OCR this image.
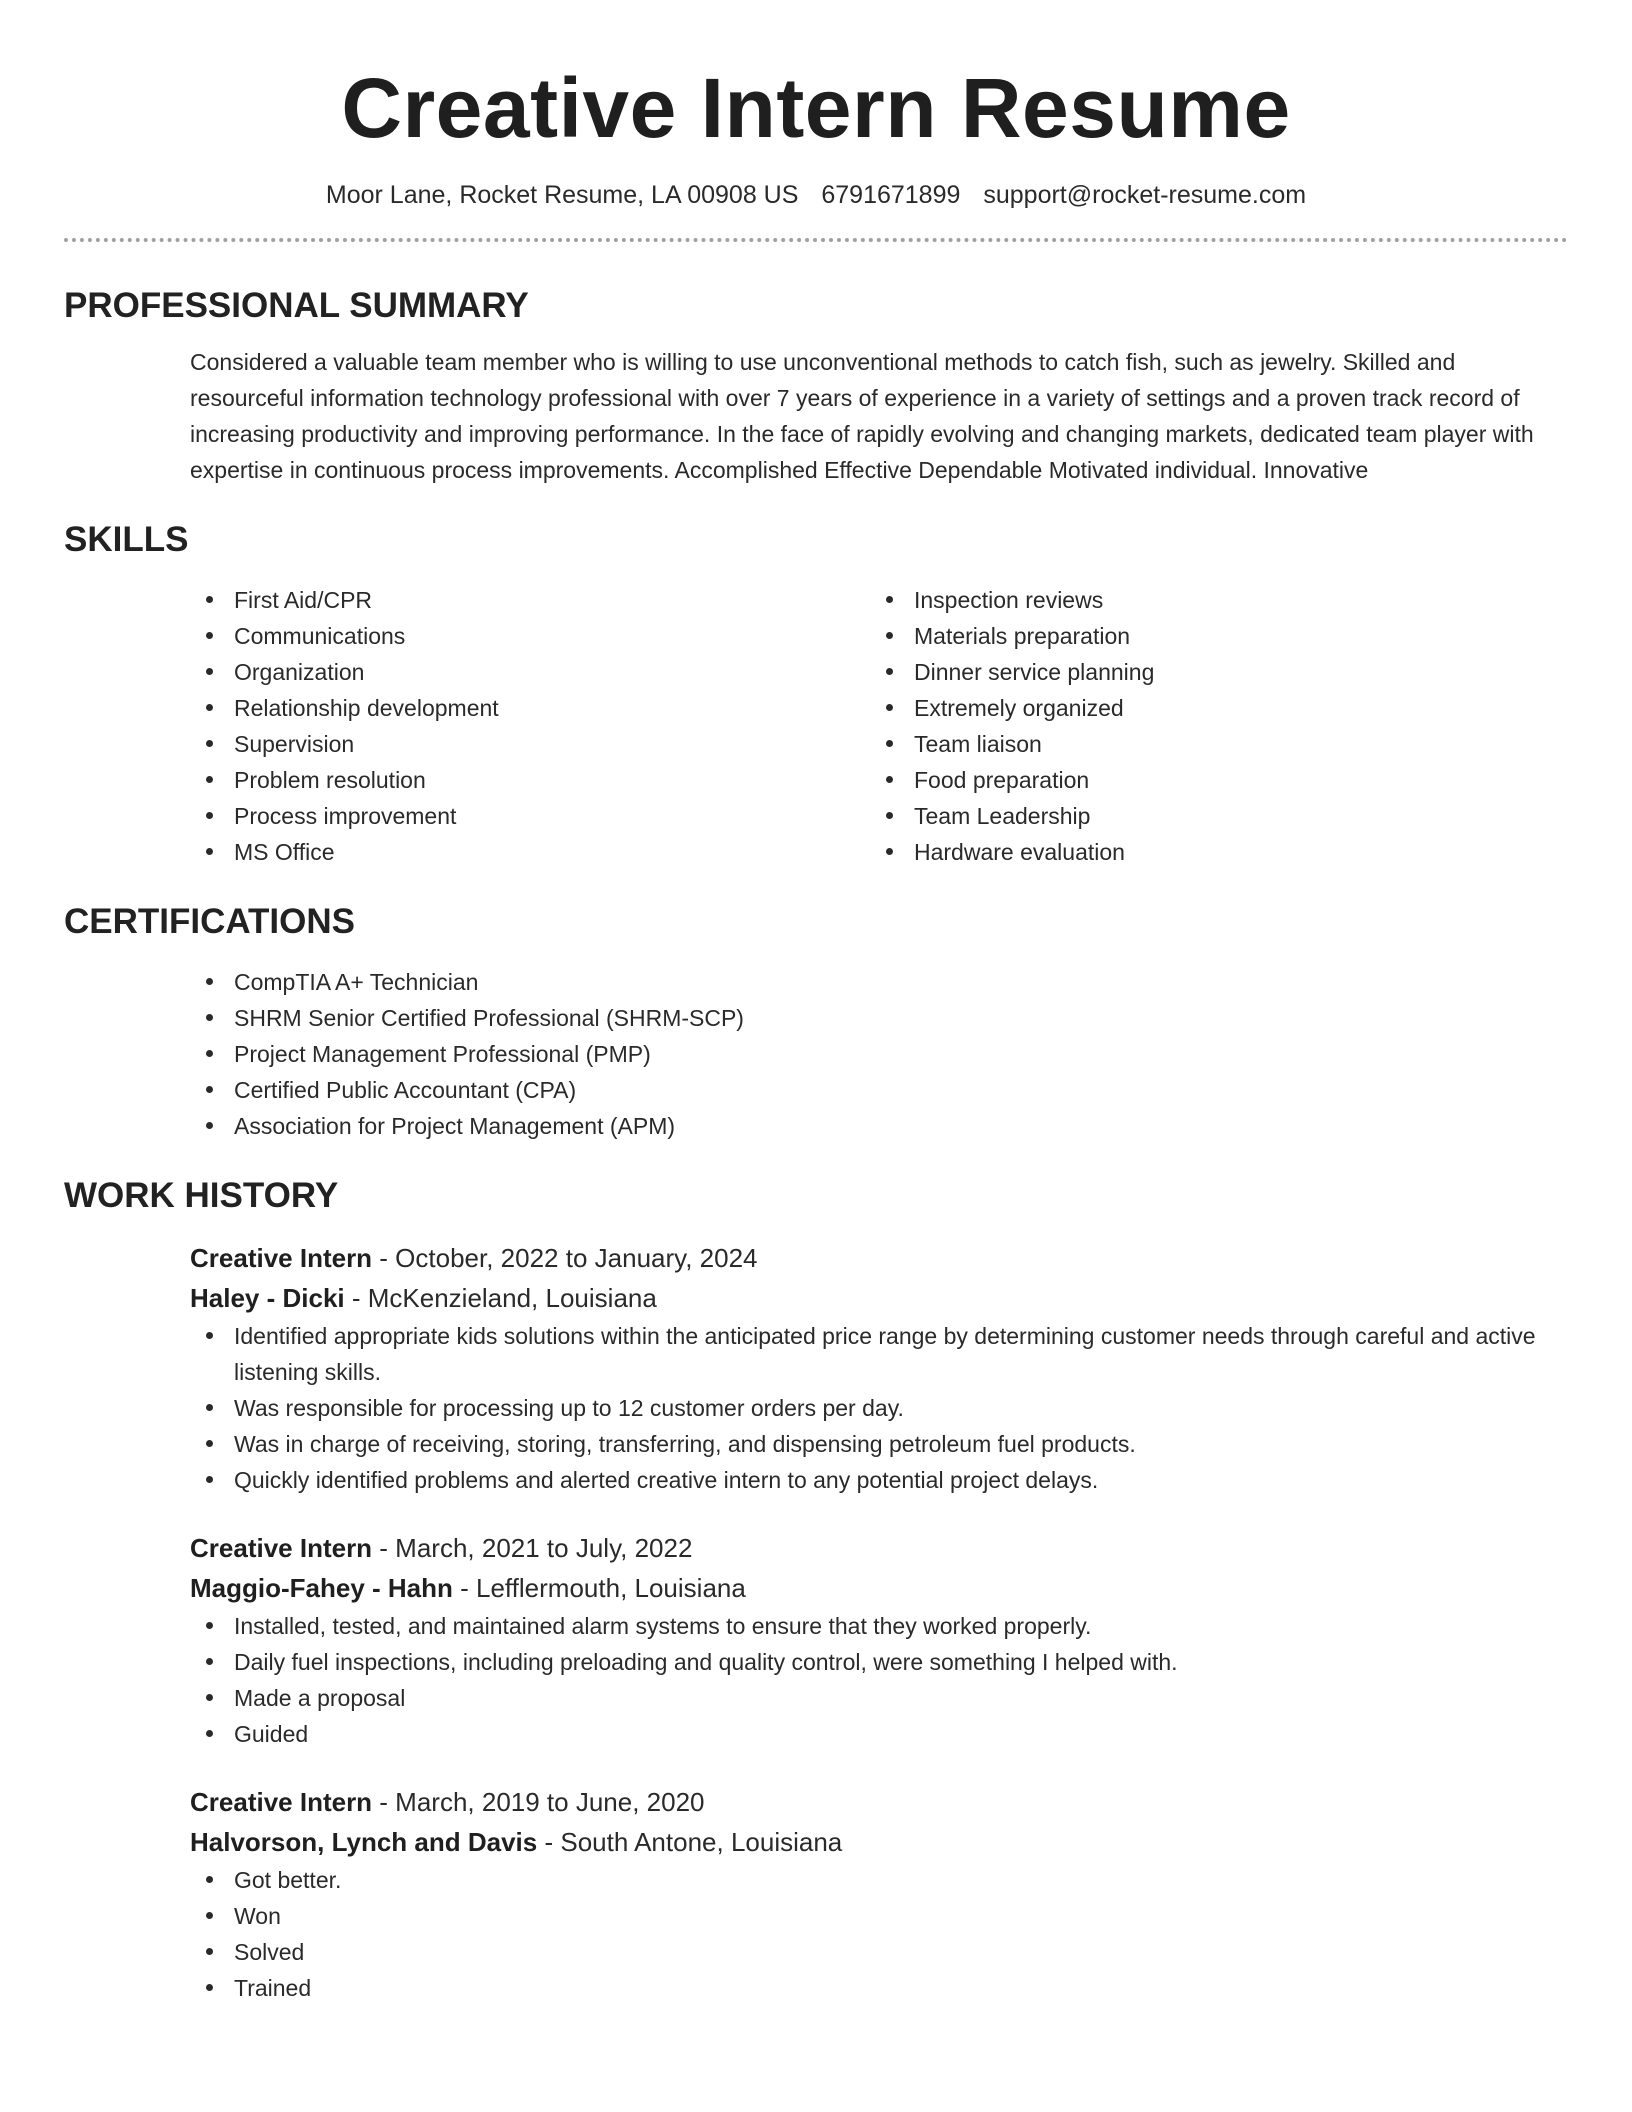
Creative Intern Resume
Moor Lane, Rocket Resume, LA 00908 US 6791671899 support@rocket-resume.com
PROFESSIONAL SUMMARY
Considered a valuable team member who is willing to use unconventional methods to catch fish, such as jewelry. Skilled and resourceful information technology professional with over 7 years of experience in a variety of settings and a proven track record of increasing productivity and improving performance. In the face of rapidly evolving and changing markets, dedicated team player with expertise in continuous process improvements. Accomplished Effective Dependable Motivated individual. Innovative
SKILLS
First Aid/CPR
Communications
Organization
Relationship development
Supervision
Problem resolution
Process improvement
MS Office
Inspection reviews
Materials preparation
Dinner service planning
Extremely organized
Team liaison
Food preparation
Team Leadership
Hardware evaluation
CERTIFICATIONS
CompTIA A+ Technician
SHRM Senior Certified Professional (SHRM-SCP)
Project Management Professional (PMP)
Certified Public Accountant (CPA)
Association for Project Management (APM)
WORK HISTORY
Creative Intern - October, 2022 to January, 2024
Haley - Dicki - McKenzieland, Louisiana
Identified appropriate kids solutions within the anticipated price range by determining customer needs through careful and active listening skills.
Was responsible for processing up to 12 customer orders per day.
Was in charge of receiving, storing, transferring, and dispensing petroleum fuel products.
Quickly identified problems and alerted creative intern to any potential project delays.
Creative Intern - March, 2021 to July, 2022
Maggio-Fahey - Hahn - Lefflermouth, Louisiana
Installed, tested, and maintained alarm systems to ensure that they worked properly.
Daily fuel inspections, including preloading and quality control, were something I helped with.
Made a proposal
Guided
Creative Intern - March, 2019 to June, 2020
Halvorson, Lynch and Davis - South Antone, Louisiana
Got better.
Won
Solved
Trained
